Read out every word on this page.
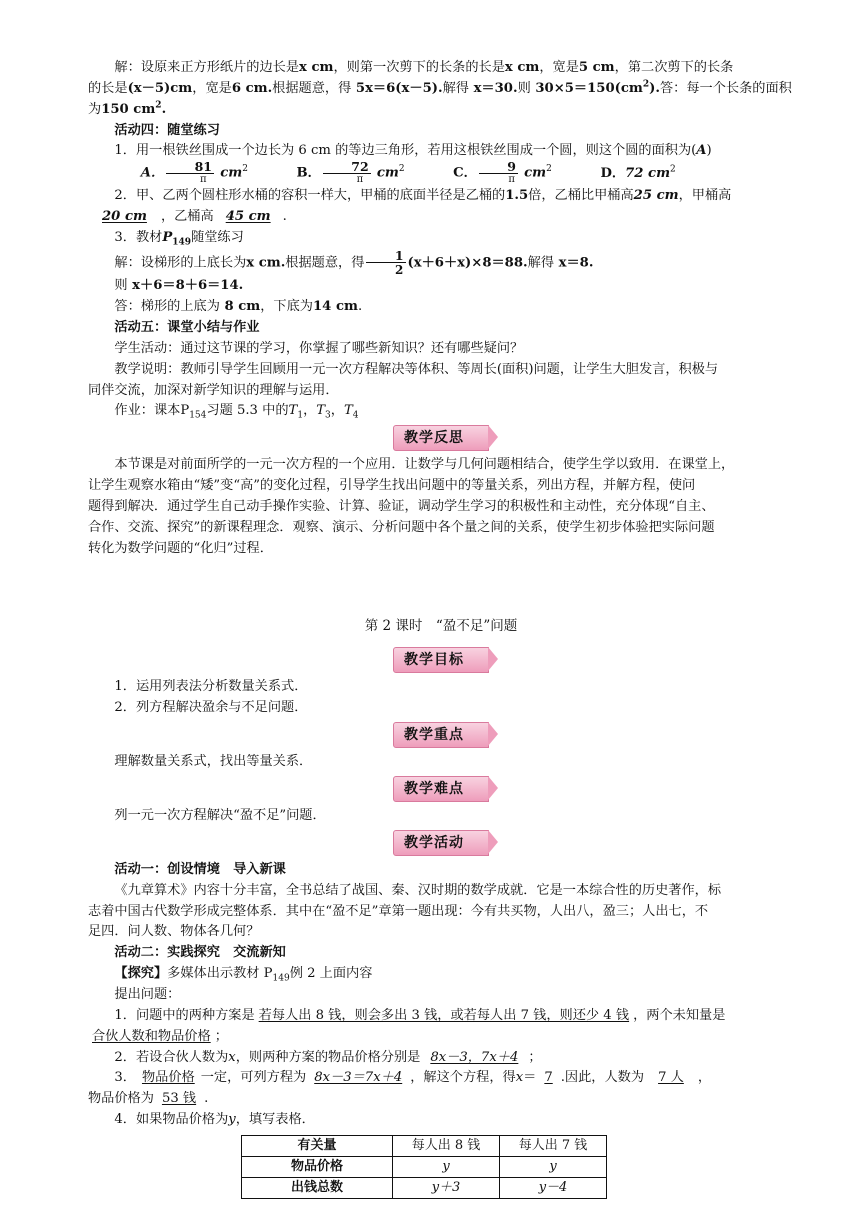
解：设原来正方形纸片的边长是x cm，则第一次剪下的长条的长是x cm，宽是5 cm，第二次剪下的长条

的长是(x－5)cm，宽是6 cm.根据题意，得 5x＝6(x－5).解得 x＝30.则 $30\times 5=150(cm^2)$.答：每一个长条的面积

为150 $cm^2$.

活动四：随堂练习

1．用一根铁丝围成一个边长为 6 cm 的等边三角形，若用这根铁丝围成一个圆，则这个圆的面积为(A)

A． $\frac{81}{\pi} cm^2$	B． $\frac{72}{\pi} cm^2$	C． $\frac{9}{\pi} cm^2$	D．72 $cm^2$

2．甲、乙两个圆柱形水桶的容积一样大，甲桶的底面半径是乙桶的1.5倍，乙桶比甲桶高25 cm，甲桶高

20 cm ，乙桶高 45 cm .

3．教材$P_{149}$随堂练习

解：设梯形的上底长为x cm.根据题意，得 $\frac{1}{2} (x+6+x)\times 8=88$.解得 x＝8.

则 x＋6＝8＋6＝14.

答：梯形的上底为 8 cm，下底为14 cm.

活动五：课堂小结与作业

学生活动：通过这节课的学习，你掌握了哪些新知识？还有哪些疑问？

教学说明：教师引导学生回顾用一元一次方程解决等体积、等周长(面积)问题，让学生大胆发言，积极与

同伴交流，加深对新学知识的理解与运用．

作业：课本$P_{154}$习题 5.3 中的$T_1$，$T_3$，$T_4$

教学反思

本节课是对前面所学的一元一次方程的一个应用．让数学与几何问题相结合，使学生学以致用．在课堂上，

让学生观察水箱由“矮”变“高”的变化过程，引导学生找出问题中的等量关系，列出方程，并解方程，使问

题得到解决．通过学生自己动手操作实验、计算、验证，调动学生学习的积极性和主动性，充分体现“自主、

合作、交流、探究”的新课程理念．观察、演示、分析问题中各个量之间的关系，使学生初步体验把实际问题

转化为数学问题的“化归”过程．

第 2 课时　“盈不足”问题

教学目标

1．运用列表法分析数量关系式．

2．列方程解决盈余与不足问题．

教学重点

理解数量关系式，找出等量关系．

教学难点

列一元一次方程解决“盈不足”问题．

教学活动

活动一：创设情境　导入新课

《九章算术》内容十分丰富，全书总结了战国、秦、汉时期的数学成就．它是一本综合性的历史著作，标

志着中国古代数学形成完整体系．其中在“盈不足”章第一题出现：今有共买物，人出八，盈三；人出七，不

足四．问人数、物体各几何？

活动二：实践探究　交流新知

【探究】多媒体出示教材 $P_{149}$例 2 上面内容

提出问题：

1．问题中的两种方案是 若每人出 8 钱，则会多出 3 钱，或若每人出 7 钱，则还少 4 钱 ，两个未知量是

合伙人数和物品价格 ；

2．若设合伙人数为x，则两种方案的物品价格分别是 8x－3，7x＋4 ；

3． 物品价格 一定，可列方程为 8x－3＝7x＋4 ，解这个方程，得x＝ 7 .因此，人数为 7 人 ，

物品价格为 53 钱 .

4．如果物品价格为y，填写表格．

有关量	每人出 8 钱	每人出 7 钱
物品价格	y	y
出钱总数	y＋3	y－4
